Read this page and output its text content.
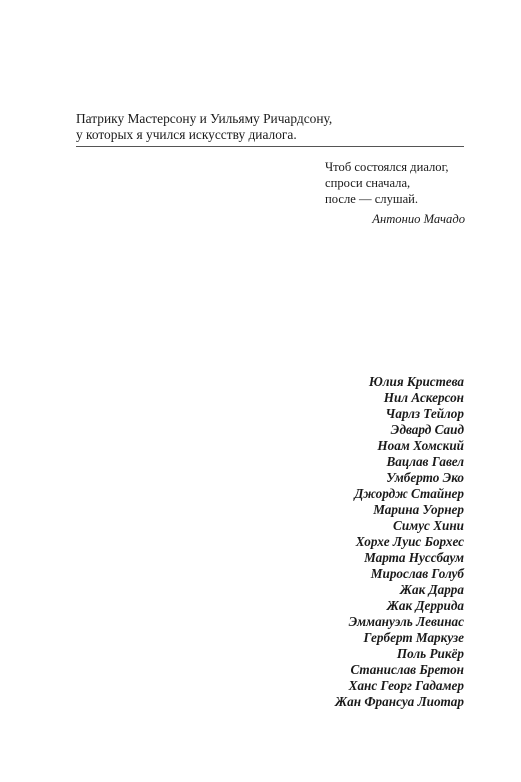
Патрику Мастерсону и Уильяму Ричардсону,
у которых я учился искусству диалога.
Чтоб состоялся диалог,
спроси сначала,
после — слушай.
Антонио Мачадо
Юлия Кристева
Нил Аскерсон
Чарлз Тейлор
Эдвард Саид
Ноам Хомский
Вацлав Гавел
Умберто Эко
Джордж Стайнер
Марина Уорнер
Симус Хини
Хорхе Луис Борхес
Марта Нуссбаум
Мирослав Голуб
Жак Дарра
Жак Деррида
Эммануэль Левинас
Герберт Маркузе
Поль Рикёр
Станислав Бретон
Ханс Георг Гадамер
Жан Франсуа Лиотар
